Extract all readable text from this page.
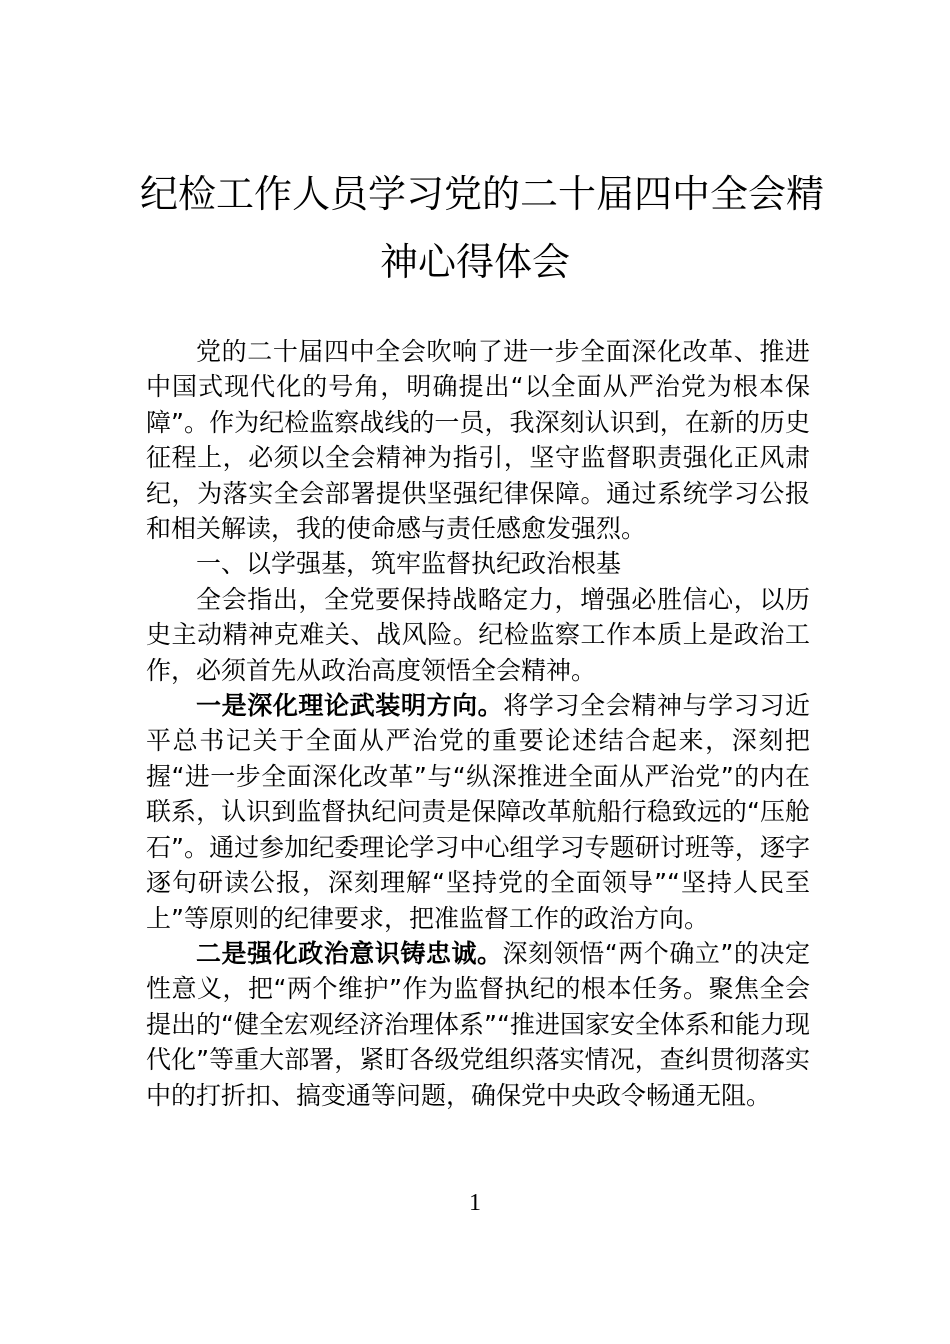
纪检工作人员学习党的二十届四中全会精
神心得体会

党的二十届四中全会吹响了进一步全面深化改革、推进中国式现代化的号角，明确提出“以全面从严治党为根本保障”。作为纪检监察战线的一员，我深刻认识到，在新的历史征程上，必须以全会精神为指引，坚守监督职责强化正风肃纪，为落实全会部署提供坚强纪律保障。通过系统学习公报和相关解读，我的使命感与责任感愈发强烈。

一、以学强基，筑牢监督执纪政治根基

全会指出，全党要保持战略定力，增强必胜信心，以历史主动精神克难关、战风险。纪检监察工作本质上是政治工作，必须首先从政治高度领悟全会精神。

一是深化理论武装明方向。将学习全会精神与学习习近平总书记关于全面从严治党的重要论述结合起来，深刻把握“进一步全面深化改革”与“纵深推进全面从严治党”的内在联系，认识到监督执纪问责是保障改革航船行稳致远的“压舱石”。通过参加纪委理论学习中心组学习专题研讨班等，逐字逐句研读公报，深刻理解“坚持党的全面领导”“坚持人民至上”等原则的纪律要求，把准监督工作的政治方向。

二是强化政治意识铸忠诚。深刻领悟“两个确立”的决定性意义，把“两个维护”作为监督执纪的根本任务。聚焦全会提出的“健全宏观经济治理体系”“推进国家安全体系和能力现代化”等重大部署，紧盯各级党组织落实情况，查纠贯彻落实中的打折扣、搞变通等问题，确保党中央政令畅通无阻。

1
